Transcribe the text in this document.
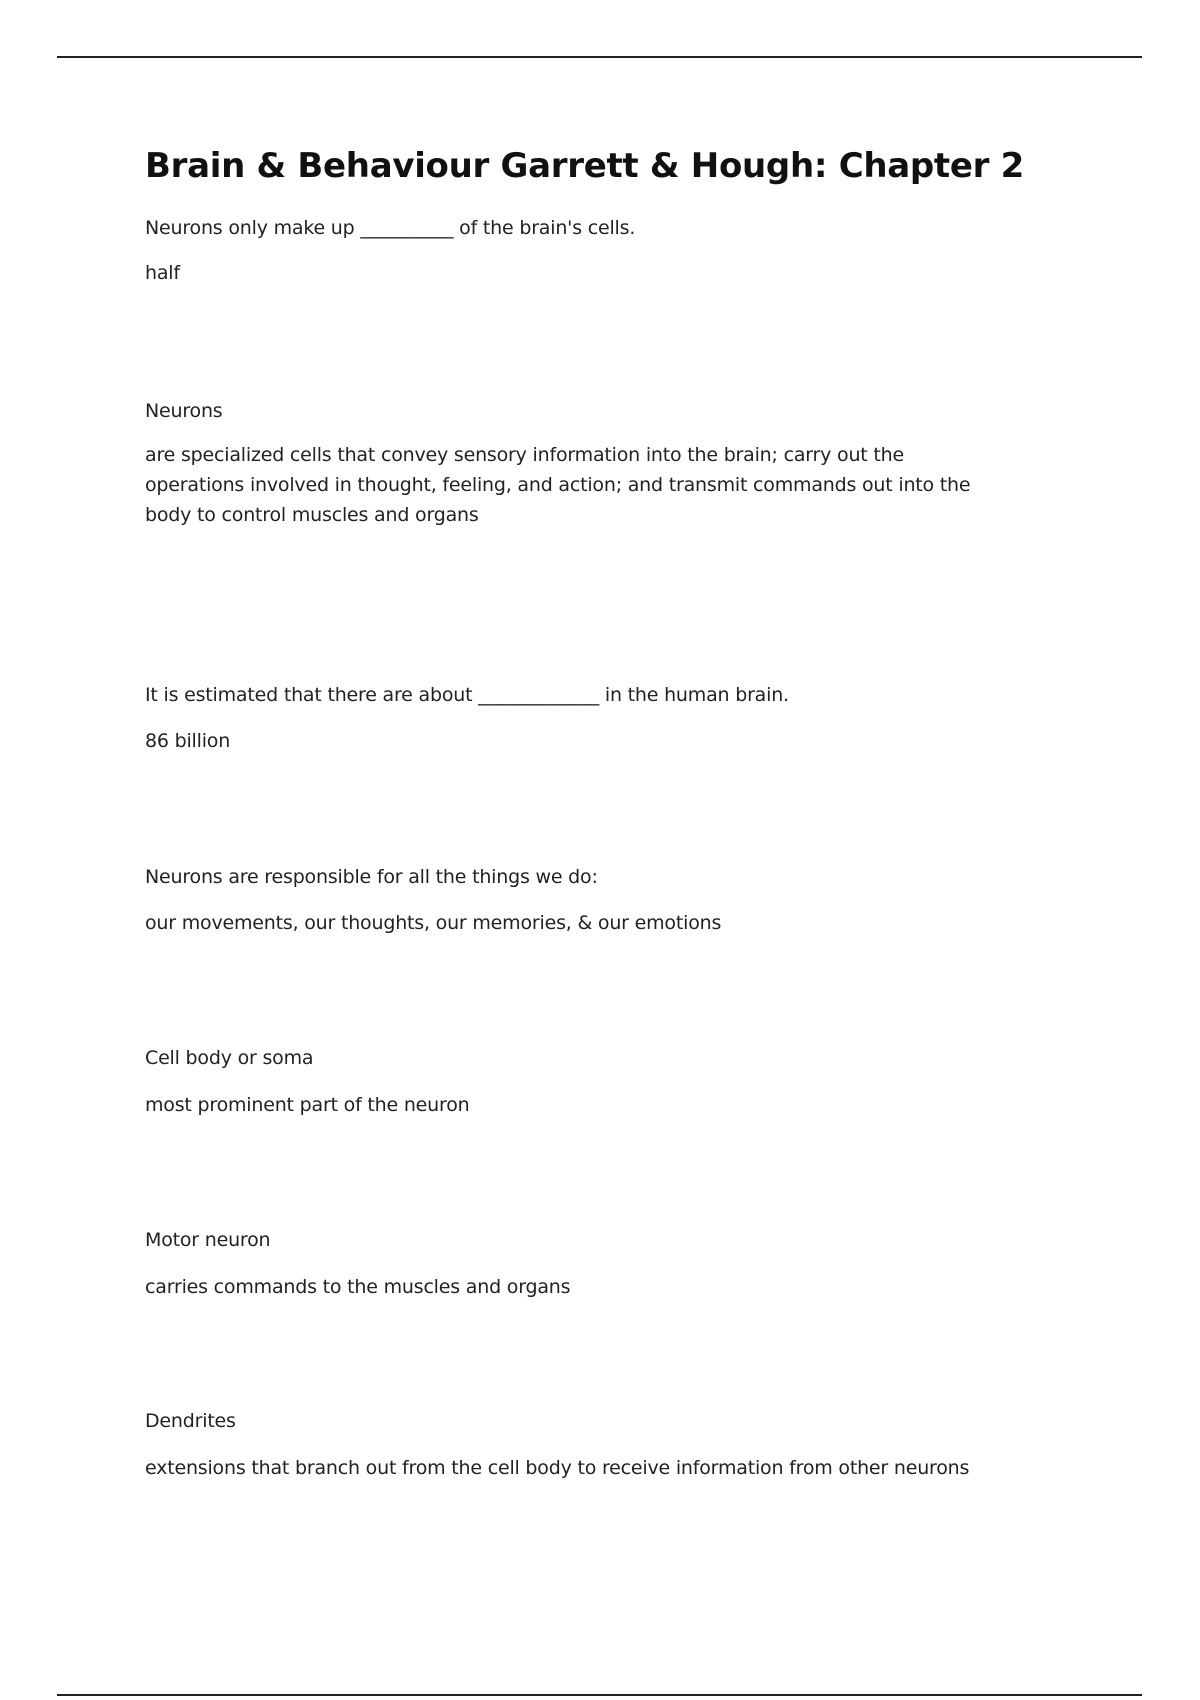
Brain & Behaviour Garrett & Hough: Chapter 2

Neurons only make up __________ of the brain's cells.

half

Neurons

are specialized cells that convey sensory information into the brain; carry out the operations involved in thought, feeling, and action; and transmit commands out into the body to control muscles and organs

It is estimated that there are about _____________ in the human brain.

86 billion

Neurons are responsible for all the things we do:

our movements, our thoughts, our memories, & our emotions

Cell body or soma

most prominent part of the neuron

Motor neuron

carries commands to the muscles and organs

Dendrites

extensions that branch out from the cell body to receive information from other neurons
